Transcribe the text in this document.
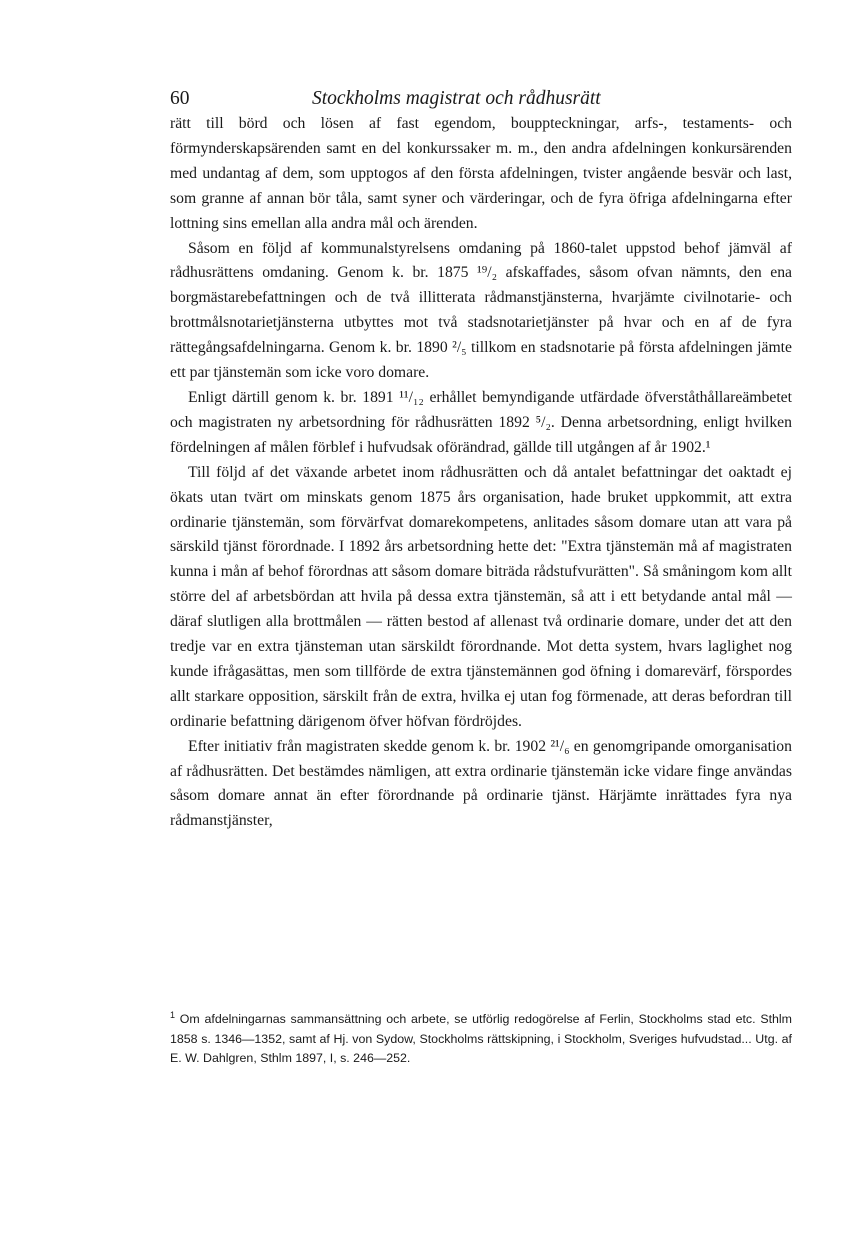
60	Stockholms magistrat och rådhusrätt

rätt till börd och lösen af fast egendom, bouppteckningar, arfs-, testaments- och förmynderskapsärenden samt en del konkurssaker m. m., den andra afdelningen konkursärenden med undantag af dem, som upptogos af den första afdelningen, tvister angående besvär och last, som granne af annan bör tåla, samt syner och värderingar, och de fyra öfriga afdelningarna efter lottning sins emellan alla andra mål och ärenden.

Såsom en följd af kommunalstyrelsens omdaning på 1860-talet uppstod behof jämväl af rådhusrättens omdaning. Genom k. br. 1875 ¹⁹/₂ afskaffades, såsom ofvan nämnts, den ena borgmästarebefattningen och de två illitterata rådmanstjänsterna, hvarjämte civilnotarie- och brottmålsnotarietjänsterna utbyttes mot två stadsnotarietjänster på hvar och en af de fyra rättegångsafdelningarna. Genom k. br. 1890 ²/₅ tillkom en stadsnotarie på första afdelningen jämte ett par tjänstemän som icke voro domare.

Enligt därtill genom k. br. 1891 ¹¹/₁₂ erhållet bemyndigande utfärdade öfverståthållareämbetet och magistraten ny arbetsordning för rådhusrätten 1892 ⁵/₂. Denna arbetsordning, enligt hvilken fördelningen af målen förblef i hufvudsak oförändrad, gällde till utgången af år 1902.¹

Till följd af det växande arbetet inom rådhusrätten och då antalet befattningar det oaktadt ej ökats utan tvärt om minskats genom 1875 års organisation, hade bruket uppkommit, att extra ordinarie tjänstemän, som förvärfvat domarekompetens, anlitades såsom domare utan att vara på särskild tjänst förordnade. I 1892 års arbetsordning hette det: "Extra tjänstemän må af magistraten kunna i mån af behof förordnas att såsom domare biträda rådstufvurätten". Så småningom kom allt större del af arbetsbördan att hvila på dessa extra tjänstemän, så att i ett betydande antal mål — däraf slutligen alla brottmålen — rätten bestod af allenast två ordinarie domare, under det att den tredje var en extra tjänsteman utan särskildt förordnande. Mot detta system, hvars laglighet nog kunde ifrågasättas, men som tillförde de extra tjänstemännen god öfning i domarevärf, förspordes allt starkare opposition, särskilt från de extra, hvilka ej utan fog förmenade, att deras befordran till ordinarie befattning därigenom öfver höfvan fördröjdes.

Efter initiativ från magistraten skedde genom k. br. 1902 ²¹/₆ en genomgripande omorganisation af rådhusrätten. Det bestämdes nämligen, att extra ordinarie tjänstemän icke vidare finge användas såsom domare annat än efter förordnande på ordinarie tjänst. Härjämte inrättades fyra nya rådmanstjänster,

$^1$ Om afdelningarnas sammansättning och arbete, se utförlig redogörelse af Ferlin, Stockholms stad etc. Sthlm 1858 s. 1346—1352, samt af Hj. von Sydow, Stockholms rättskipning, i Stockholm, Sveriges hufvudstad... Utg. af E. W. Dahlgren, Sthlm 1897, I, s. 246—252.
